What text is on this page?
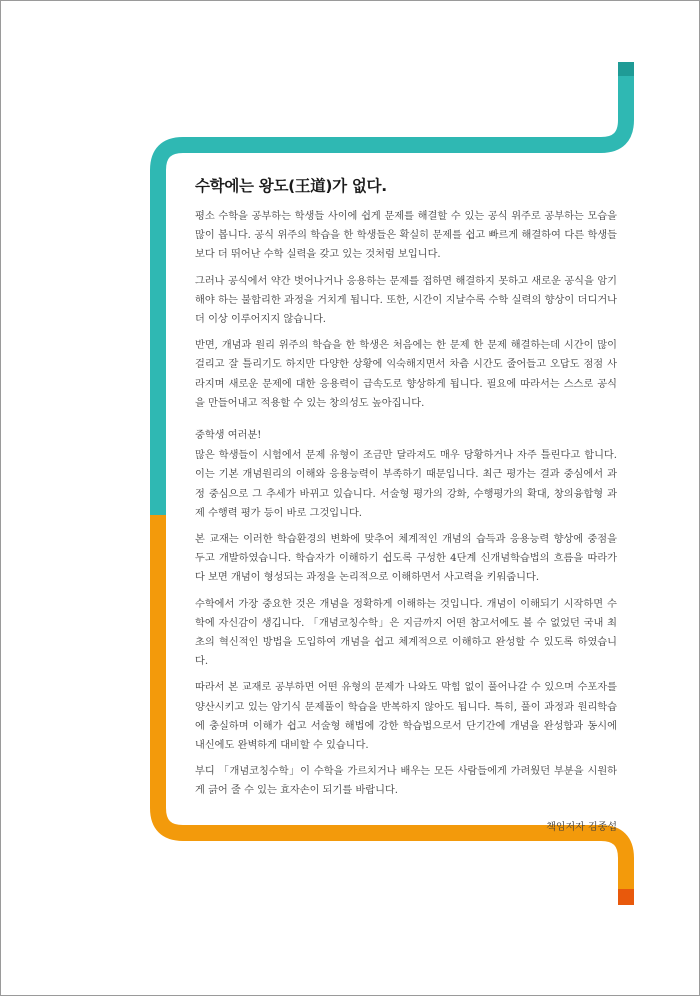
수학에는 왕도(王道)가 없다.

평소 수학을 공부하는 학생들 사이에 쉽게 문제를 해결할 수 있는 공식 위주로 공부하는 모습을 많이 봅니다. 공식 위주의 학습을 한 학생들은 확실히 문제를 쉽고 빠르게 해결하여 다른 학생들보다 더 뛰어난 수학 실력을 갖고 있는 것처럼 보입니다.

그러나 공식에서 약간 벗어나거나 응용하는 문제를 접하면 해결하지 못하고 새로운 공식을 암기해야 하는 불합리한 과정을 거치게 됩니다. 또한, 시간이 지날수록 수학 실력의 향상이 더디거나 더 이상 이루어지지 않습니다.

반면, 개념과 원리 위주의 학습을 한 학생은 처음에는 한 문제 한 문제 해결하는데 시간이 많이 걸리고 잘 틀리기도 하지만 다양한 상황에 익숙해지면서 차츰 시간도 줄어들고 오답도 점점 사라지며 새로운 문제에 대한 응용력이 급속도로 향상하게 됩니다. 필요에 따라서는 스스로 공식을 만들어내고 적용할 수 있는 창의성도 높아집니다.

중학생 여러분!

많은 학생들이 시험에서 문제 유형이 조금만 달라져도 매우 당황하거나 자주 틀린다고 합니다. 이는 기본 개념원리의 이해와 응용능력이 부족하기 때문입니다. 최근 평가는 결과 중심에서 과정 중심으로 그 추세가 바뀌고 있습니다. 서술형 평가의 강화, 수행평가의 확대, 창의융합형 과제 수행력 평가 등이 바로 그것입니다.

본 교재는 이러한 학습환경의 변화에 맞추어 체계적인 개념의 습득과 응용능력 향상에 중점을 두고 개발하였습니다. 학습자가 이해하기 쉽도록 구성한 4단계 신개념학습법의 흐름을 따라가다 보면 개념이 형성되는 과정을 논리적으로 이해하면서 사고력을 키워줍니다.

수학에서 가장 중요한 것은 개념을 정확하게 이해하는 것입니다. 개념이 이해되기 시작하면 수학에 자신감이 생깁니다. 「개념코칭수학」은 지금까지 어떤 참고서에도 볼 수 없었던 국내 최초의 혁신적인 방법을 도입하여 개념을 쉽고 체계적으로 이해하고 완성할 수 있도록 하였습니다.

따라서 본 교재로 공부하면 어떤 유형의 문제가 나와도 막힘 없이 풀어나갈 수 있으며 수포자를 양산시키고 있는 암기식 문제풀이 학습을 반복하지 않아도 됩니다. 특히, 풀이 과정과 원리학습에 충실하며 이해가 쉽고 서술형 해법에 강한 학습법으로서 단기간에 개념을 완성함과 동시에 내신에도 완벽하게 대비할 수 있습니다.

부디 「개념코칭수학」이 수학을 가르치거나 배우는 모든 사람들에게 가려웠던 부분을 시원하게 긁어 줄 수 있는 효자손이 되기를 바랍니다.

책임저자 김종섭
